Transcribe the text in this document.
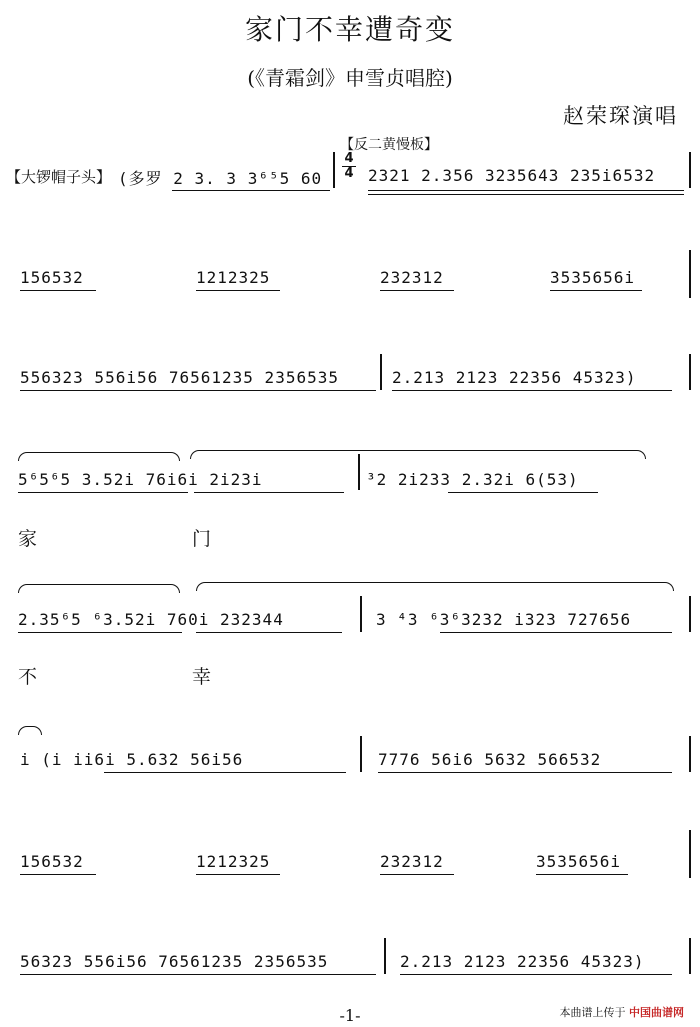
家门不幸遭奇变
(《青霜剑》申雪贞唱腔)
赵荣琛演唱
【反二黄慢板】
【大锣帽子头】 (多罗 2 3. 3 3⁶⁵5 60
4
4 2321 2.356 3235643 235i6532
156532	1212325	232312	3535656i
556323 556i56 76561235 2356535	2.213 2123 22356 45323)
5⁶5⁶5 3.52i 76i6i 2i23i	³2 2i233 2.32i 6(53)
家	门
2.35⁶5 ⁶3.52i 760i 232344	3 ⁴3 ⁶3⁶3232 i323 727656
不	幸
i (i ii6i 5.632 56i56	7776 56i6 5632 566532
156532	1212325	232312	3535656i
56323 556i56 76561235 2356535	2.213 2123 22356 45323)
-1-	本曲谱上传于 中国曲谱网
